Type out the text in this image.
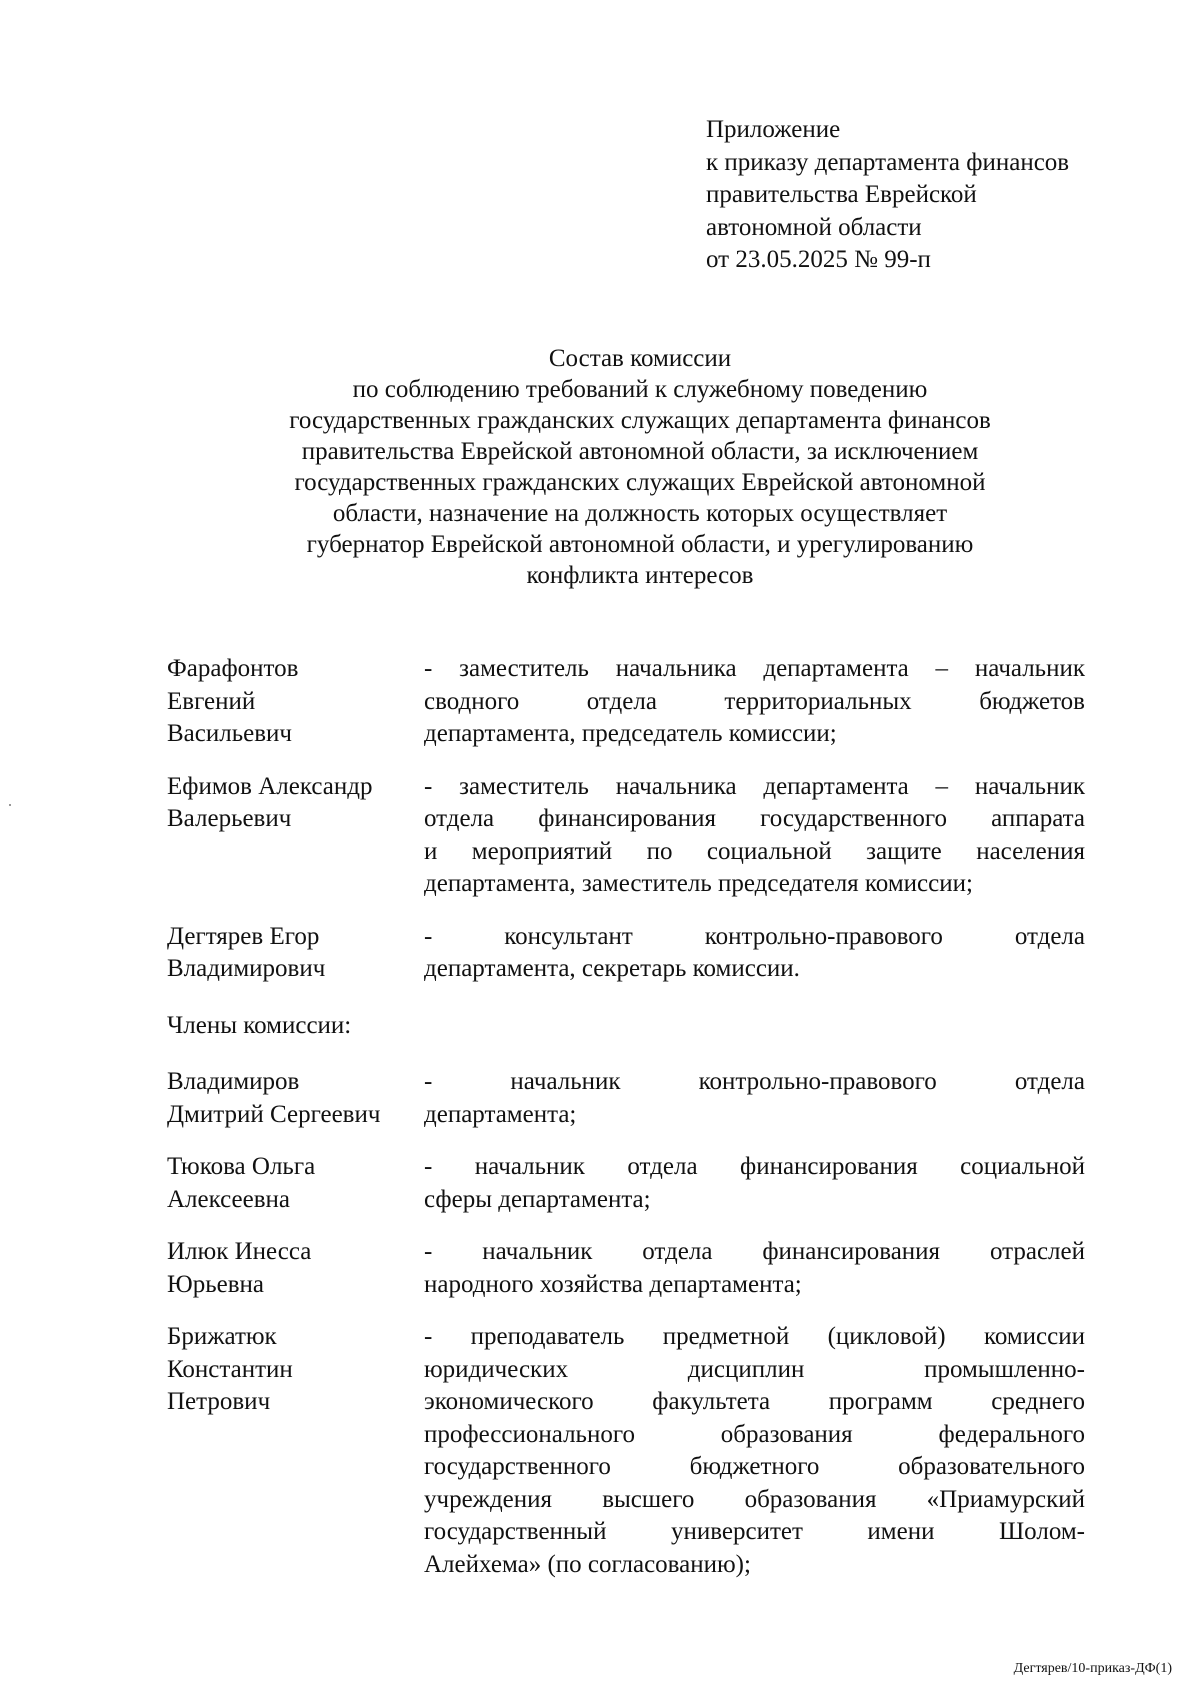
Приложение
к приказу департамента финансов
правительства Еврейской
автономной области
от 23.05.2025 № 99-п
Состав комиссии
по соблюдению требований к служебному поведению
государственных гражданских служащих департамента финансов
правительства Еврейской автономной области, за исключением
государственных гражданских служащих Еврейской автономной
области, назначение на должность которых осуществляет
губернатор Еврейской автономной области, и урегулированию
конфликта интересов
Фарафонтов
Евгений
Васильевич
- заместитель начальника департамента – начальник
сводного отдела территориальных бюджетов
департамента, председатель комиссии;
Ефимов Александр
Валерьевич
- заместитель начальника департамента – начальник
отдела финансирования государственного аппарата
и мероприятий по социальной защите населения
департамента, заместитель председателя комиссии;
Дегтярев Егор
Владимирович
- консультант контрольно-правового отдела
департамента, секретарь комиссии.
Члены комиссии:
Владимиров
Дмитрий Сергеевич
- начальник контрольно-правового отдела
департамента;
Тюкова Ольга
Алексеевна
- начальник отдела финансирования социальной
сферы департамента;
Илюк Инесса
Юрьевна
- начальник отдела финансирования отраслей
народного хозяйства департамента;
Брижатюк
Константин
Петрович
- преподаватель предметной (цикловой) комиссии
юридических дисциплин промышленно-
экономического факультета программ среднего
профессионального образования федерального
государственного бюджетного образовательного
учреждения высшего образования «Приамурский
государственный университет имени Шолом-
Алейхема» (по согласованию);
Дегтярев/10-приказ-ДФ(1)
